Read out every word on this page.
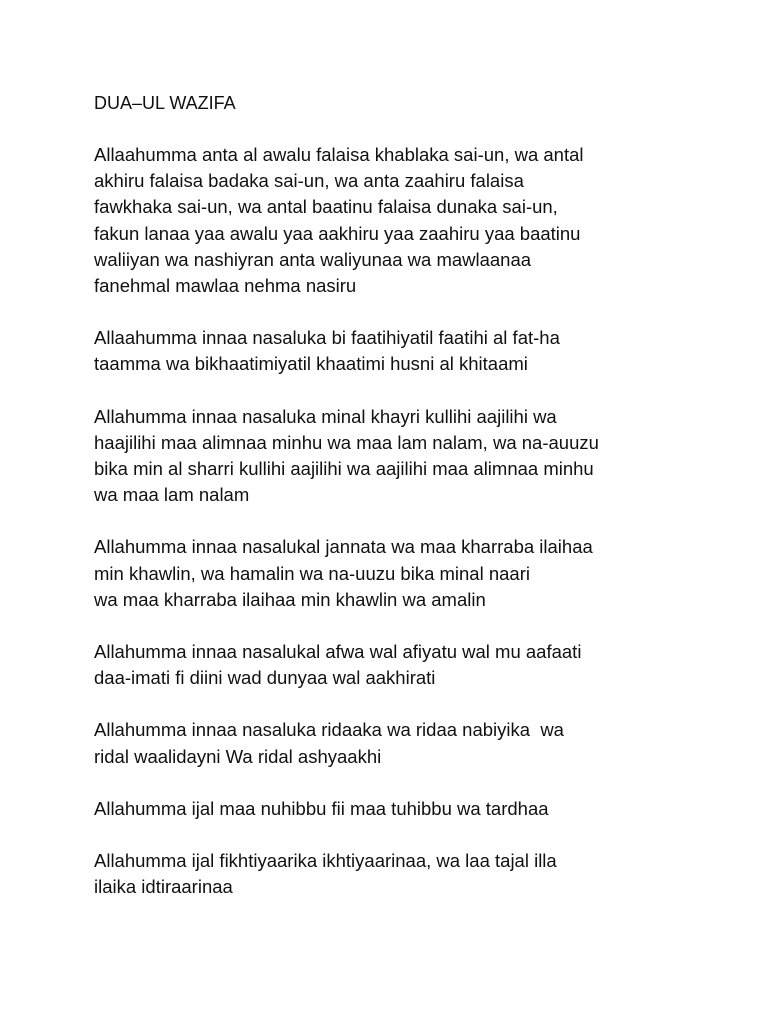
DUA–UL WAZIFA
Allaahumma anta al awalu falaisa khablaka sai-un, wa antal
akhiru falaisa badaka sai-un, wa anta zaahiru falaisa
fawkhaka sai-un, wa antal baatinu falaisa dunaka sai-un,
fakun lanaa yaa awalu yaa aakhiru yaa zaahiru yaa baatinu
waliiyan wa nashiyran anta waliyunaa wa mawlaanaa
fanehmal mawlaa nehma nasiru
Allaahumma innaa nasaluka bi faatihiyatil faatihi al fat-ha
taamma wa bikhaatimiyatil khaatimi husni al khitaami
Allahumma innaa nasaluka minal khayri kullihi aajilihi wa
haajilihi maa alimnaa minhu wa maa lam nalam, wa na-auuzu
bika min al sharri kullihi aajilihi wa aajilihi maa alimnaa minhu
wa maa lam nalam
Allahumma innaa nasalukal jannata wa maa kharraba ilaihaa
min khawlin, wa hamalin wa na-uuzu bika minal naari
wa maa kharraba ilaihaa min khawlin wa amalin
Allahumma innaa nasalukal afwa wal afiyatu wal mu aafaati
daa-imati fi diini wad dunyaa wal aakhirati
Allahumma innaa nasaluka ridaaka wa ridaa nabiyika  wa
ridal waalidayni Wa ridal ashyaakhi
Allahumma ijal maa nuhibbu fii maa tuhibbu wa tardhaa
Allahumma ijal fikhtiyaarika ikhtiyaarinaa, wa laa tajal illa
ilaika idtiraarinaa
